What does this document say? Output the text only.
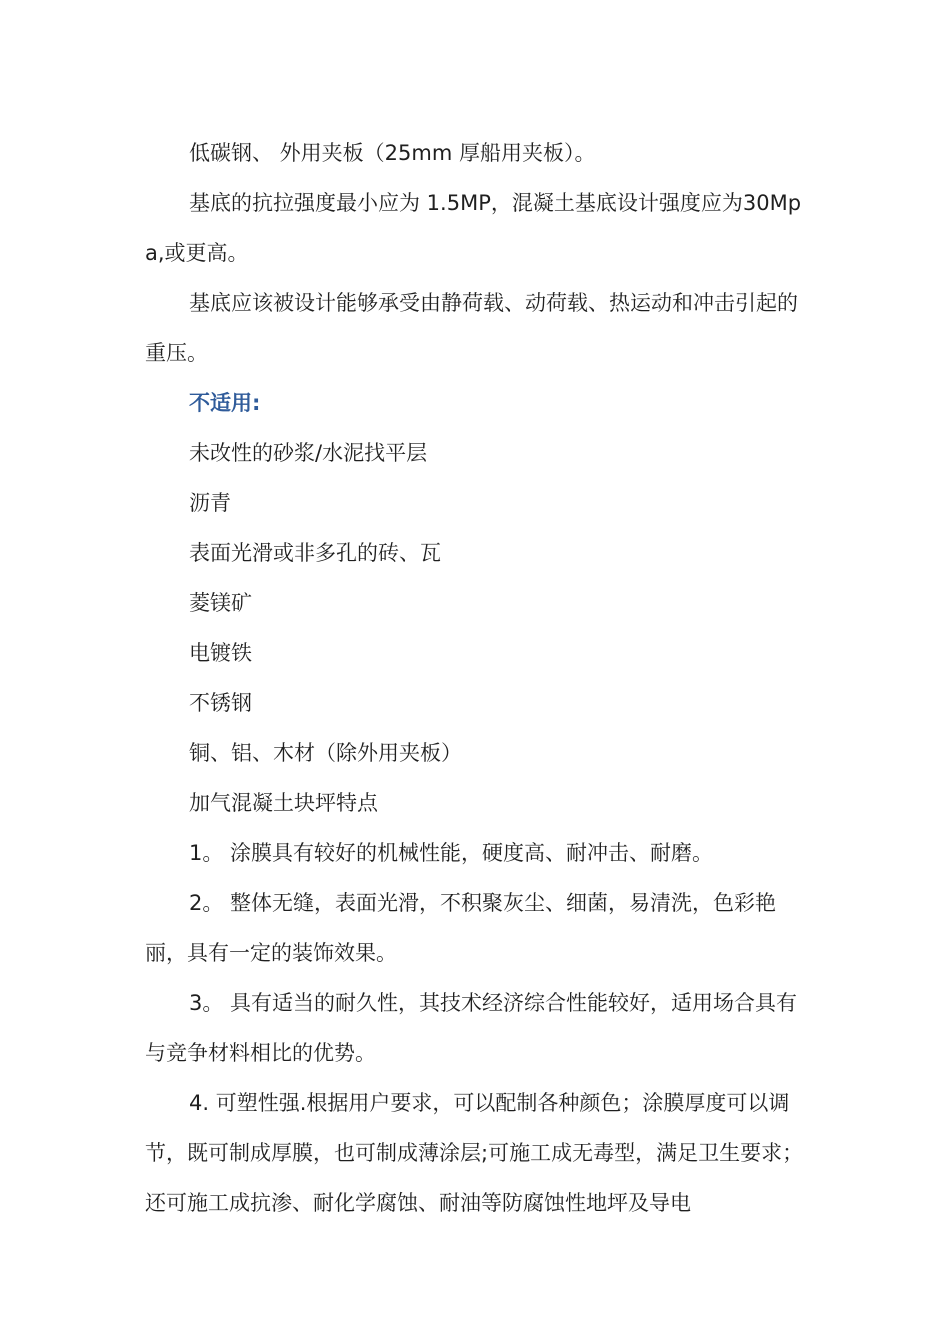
低碳钢、 外用夹板（25mm 厚船用夹板）。

基底的抗拉强度最小应为 1.5MP，混凝土基底设计强度应为30Mpa,或更高。

基底应该被设计能够承受由静荷载、动荷载、热运动和冲击引起的重压。

不适用:

未改性的砂浆/水泥找平层

沥青

表面光滑或非多孔的砖、瓦

菱镁矿

电镀铁

不锈钢

铜、铝、木材（除外用夹板）

加气混凝土块坪特点

1。 涂膜具有较好的机械性能，硬度高、耐冲击、耐磨。

2。 整体无缝，表面光滑，不积聚灰尘、细菌，易清洗，色彩艳丽，具有一定的装饰效果。

3。 具有适当的耐久性，其技术经济综合性能较好，适用场合具有与竞争材料相比的优势。

4. 可塑性强.根据用户要求，可以配制各种颜色；涂膜厚度可以调节，既可制成厚膜，也可制成薄涂层;可施工成无毒型，满足卫生要求；还可施工成抗渗、耐化学腐蚀、耐油等防腐蚀性地坪及导电
